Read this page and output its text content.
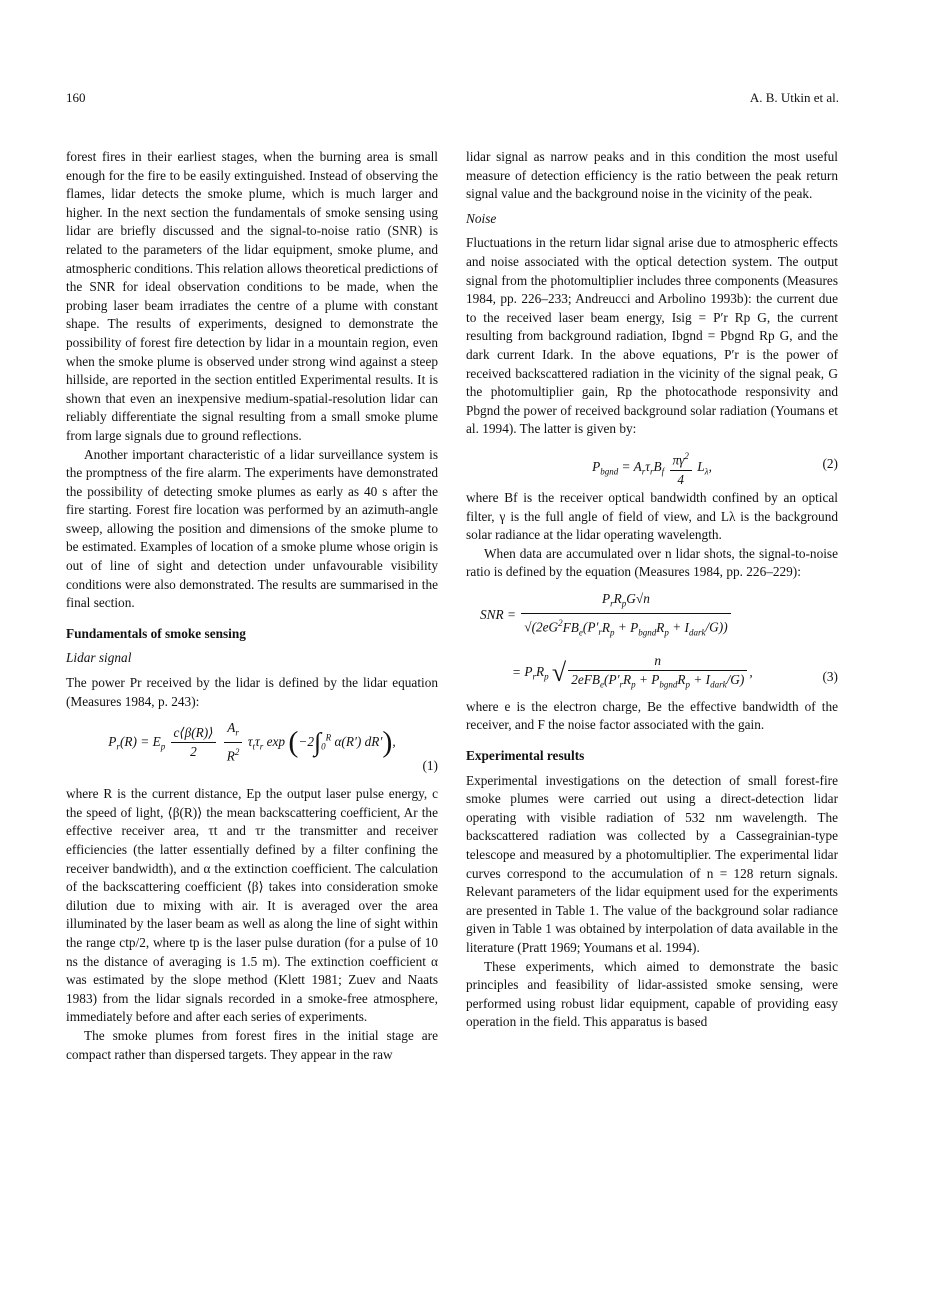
160	A. B. Utkin et al.

forest fires in their earliest stages, when the burning area is small enough for the fire to be easily extinguished. Instead of observing the flames, lidar detects the smoke plume, which is much larger and higher. In the next section the fundamentals of smoke sensing using lidar are briefly discussed and the signal-to-noise ratio (SNR) is related to the parameters of the lidar equipment, smoke plume, and atmospheric conditions. This relation allows theoretical predictions of the SNR for ideal observation conditions to be made, when the probing laser beam irradiates the centre of a plume with constant shape. The results of experiments, designed to demonstrate the possibility of forest fire detection by lidar in a mountain region, even when the smoke plume is observed under strong wind against a steep hillside, are reported in the section entitled Experimental results. It is shown that even an inexpensive medium-spatial-resolution lidar can reliably differentiate the signal resulting from a small smoke plume from large signals due to ground reflections.

Another important characteristic of a lidar surveillance system is the promptness of the fire alarm. The experiments have demonstrated the possibility of detecting smoke plumes as early as 40 s after the fire starting. Forest fire location was performed by an azimuth-angle sweep, allowing the position and dimensions of the smoke plume to be estimated. Examples of location of a smoke plume whose origin is out of line of sight and detection under unfavourable visibility conditions were also demonstrated. The results are summarised in the final section.

Fundamentals of smoke sensing

Lidar signal

The power Pr received by the lidar is defined by the lidar equation (Measures 1984, p. 243):

$P_r(R) = E_p \frac{c⟨\beta(R)⟩}{2}$
$\frac{A_r}{R^2} \tau_t\tau_r$ $\exp (-2\int_0^R$ α(R′) dR′),
(1)

where R is the current distance, Ep the output laser pulse energy, c the speed of light, ⟨β(R)⟩ the mean backscattering coefficient, Ar the effective receiver area, τt and τr the transmitter and receiver efficiencies (the latter essentially defined by a filter confining the receiver bandwidth), and α the extinction coefficient. The calculation of the backscattering coefficient ⟨β⟩ takes into consideration smoke dilution due to mixing with air. It is averaged over the area illuminated by the laser beam as well as along the line of sight within the range ctp/2, where tp is the laser pulse duration (for a pulse of 10 ns the distance of averaging is 1.5 m). The extinction coefficient α was estimated by the slope method (Klett 1981; Zuev and Naats 1983) from the lidar signals recorded in a smoke-free atmosphere, immediately before and after each series of experiments.

The smoke plumes from forest fires in the initial stage are compact rather than dispersed targets. They appear in the raw

lidar signal as narrow peaks and in this condition the most useful measure of detection efficiency is the ratio between the peak return signal value and the background noise in the vicinity of the peak.

Noise

Fluctuations in the return lidar signal arise due to atmospheric effects and noise associated with the optical detection system. The output signal from the photomultiplier includes three components (Measures 1984, pp. 226–233; Andreucci and Arbolino 1993b): the current due to the received laser beam energy, Isig = P′r Rp G, the current resulting from background radiation, Ibgnd = Pbgnd Rp G, and the dark current Idark. In the above equations, P′r is the power of received backscattered radiation in the vicinity of the signal peak, G the photomultiplier gain, Rp the photocathode responsivity and Pbgnd the power of received background solar radiation (Youmans et al. 1994). The latter is given by:

$P_{bgnd} = A_r\tau_rB_f \frac{\pi\gamma^2}{4} L_\lambda$,	(2)

where Bf is the receiver optical bandwidth confined by an optical filter, γ is the full angle of field of view, and Lλ is the background solar radiance at the lidar operating wavelength.

When data are accumulated over n lidar shots, the signal-to-noise ratio is defined by the equation (Measures 1984, pp. 226–229):

SNR =
$P_rR_pG√n$
$√(2eG^2FB_e(P'_rR_p + P_{bgnd}R_p + I_{dark}/G))$
= $P_rR_p$ √	n
$2eFB_e(P'_rR_p + P_{bgnd}R_p + I_{dark}/G)$
,	(3)

where e is the electron charge, Be the effective bandwidth of the receiver, and F the noise factor associated with the gain.

Experimental results

Experimental investigations on the detection of small forest-fire smoke plumes were carried out using a direct-detection lidar operating with visible radiation of 532 nm wavelength. The backscattered radiation was collected by a Cassegrainian-type telescope and measured by a photomultiplier. The experimental lidar curves correspond to the accumulation of n = 128 return signals. Relevant parameters of the lidar equipment used for the experiments are presented in Table 1. The value of the background solar radiance given in Table 1 was obtained by interpolation of data available in the literature (Pratt 1969; Youmans et al. 1994).

These experiments, which aimed to demonstrate the basic principles and feasibility of lidar-assisted smoke sensing, were performed using robust lidar equipment, capable of providing easy operation in the field. This apparatus is based
